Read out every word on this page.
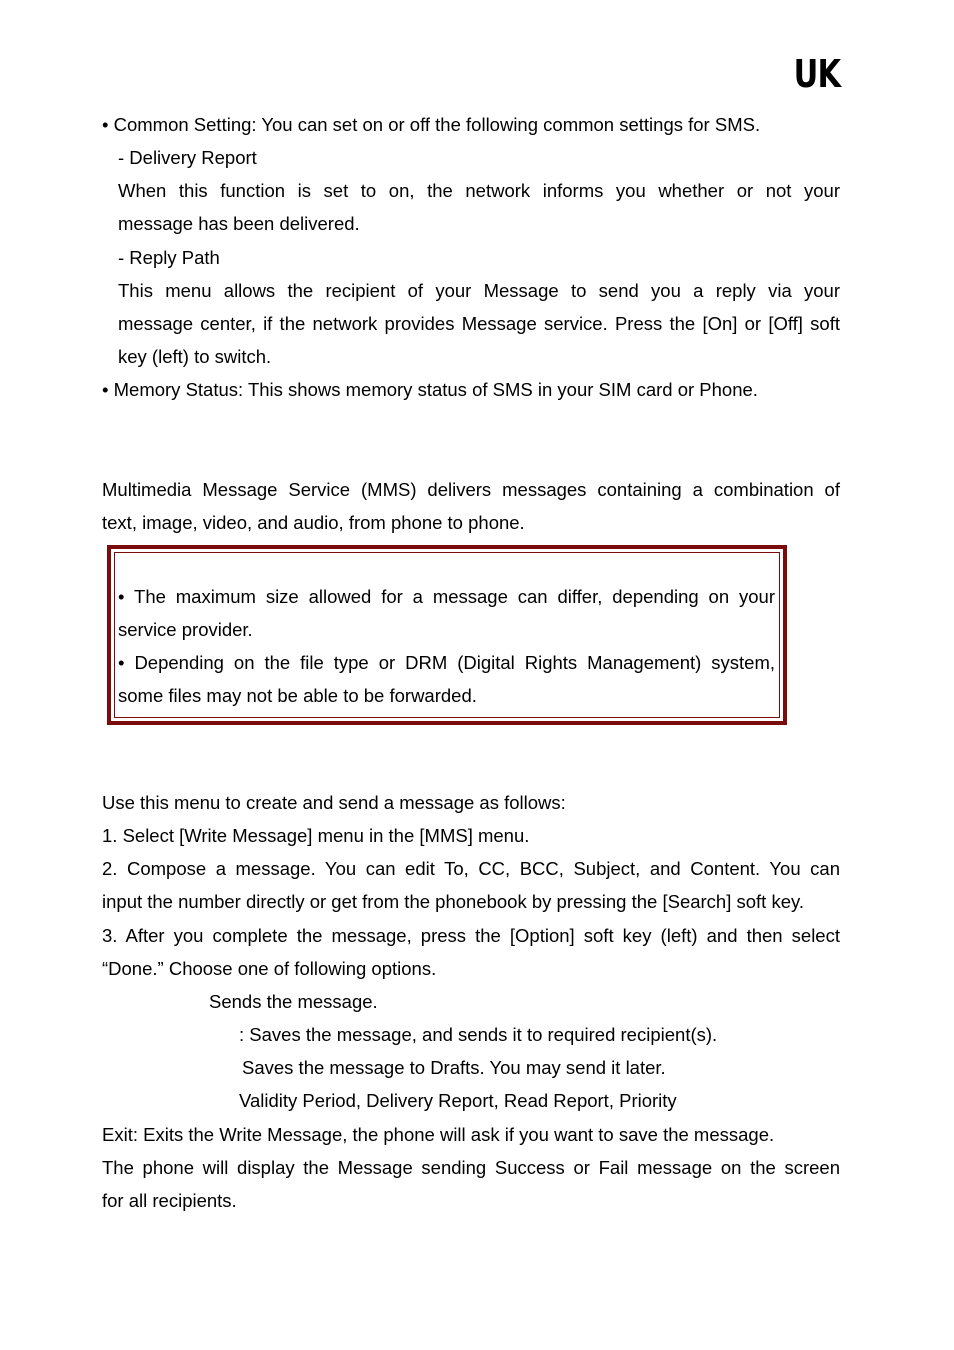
UK
• Common Setting: You can set on or off the following common settings for SMS.
- Delivery Report
When this function is set to on, the network informs you whether or not your
message has been delivered.
- Reply Path
This menu allows the recipient of your Message to send you a reply via your
message center, if the network provides Message service. Press the [On] or [Off] soft
key (left) to switch.
• Memory Status: This shows memory status of SMS in your SIM card or Phone.
Multimedia Message Service (MMS) delivers messages containing a combination of
text, image, video, and audio, from phone to phone.
• The maximum size allowed for a message can differ, depending on your
service provider.
• Depending on the file type or DRM (Digital Rights Management) system,
some files may not be able to be forwarded.
Use this menu to create and send a message as follows:
1. Select [Write Message] menu in the [MMS] menu.
2. Compose a message. You can edit To, CC, BCC, Subject, and Content. You can
input the number directly or get from the phonebook by pressing the [Search] soft key.
3. After you complete the message, press the [Option] soft key (left) and then select
“Done.” Choose one of following options.
Sends the message.
: Saves the message, and sends it to required recipient(s).
Saves the message to Drafts. You may send it later.
Validity Period, Delivery Report, Read Report, Priority
Exit: Exits the Write Message, the phone will ask if you want to save the message.
The phone will display the Message sending Success or Fail message on the screen
for all recipients.
